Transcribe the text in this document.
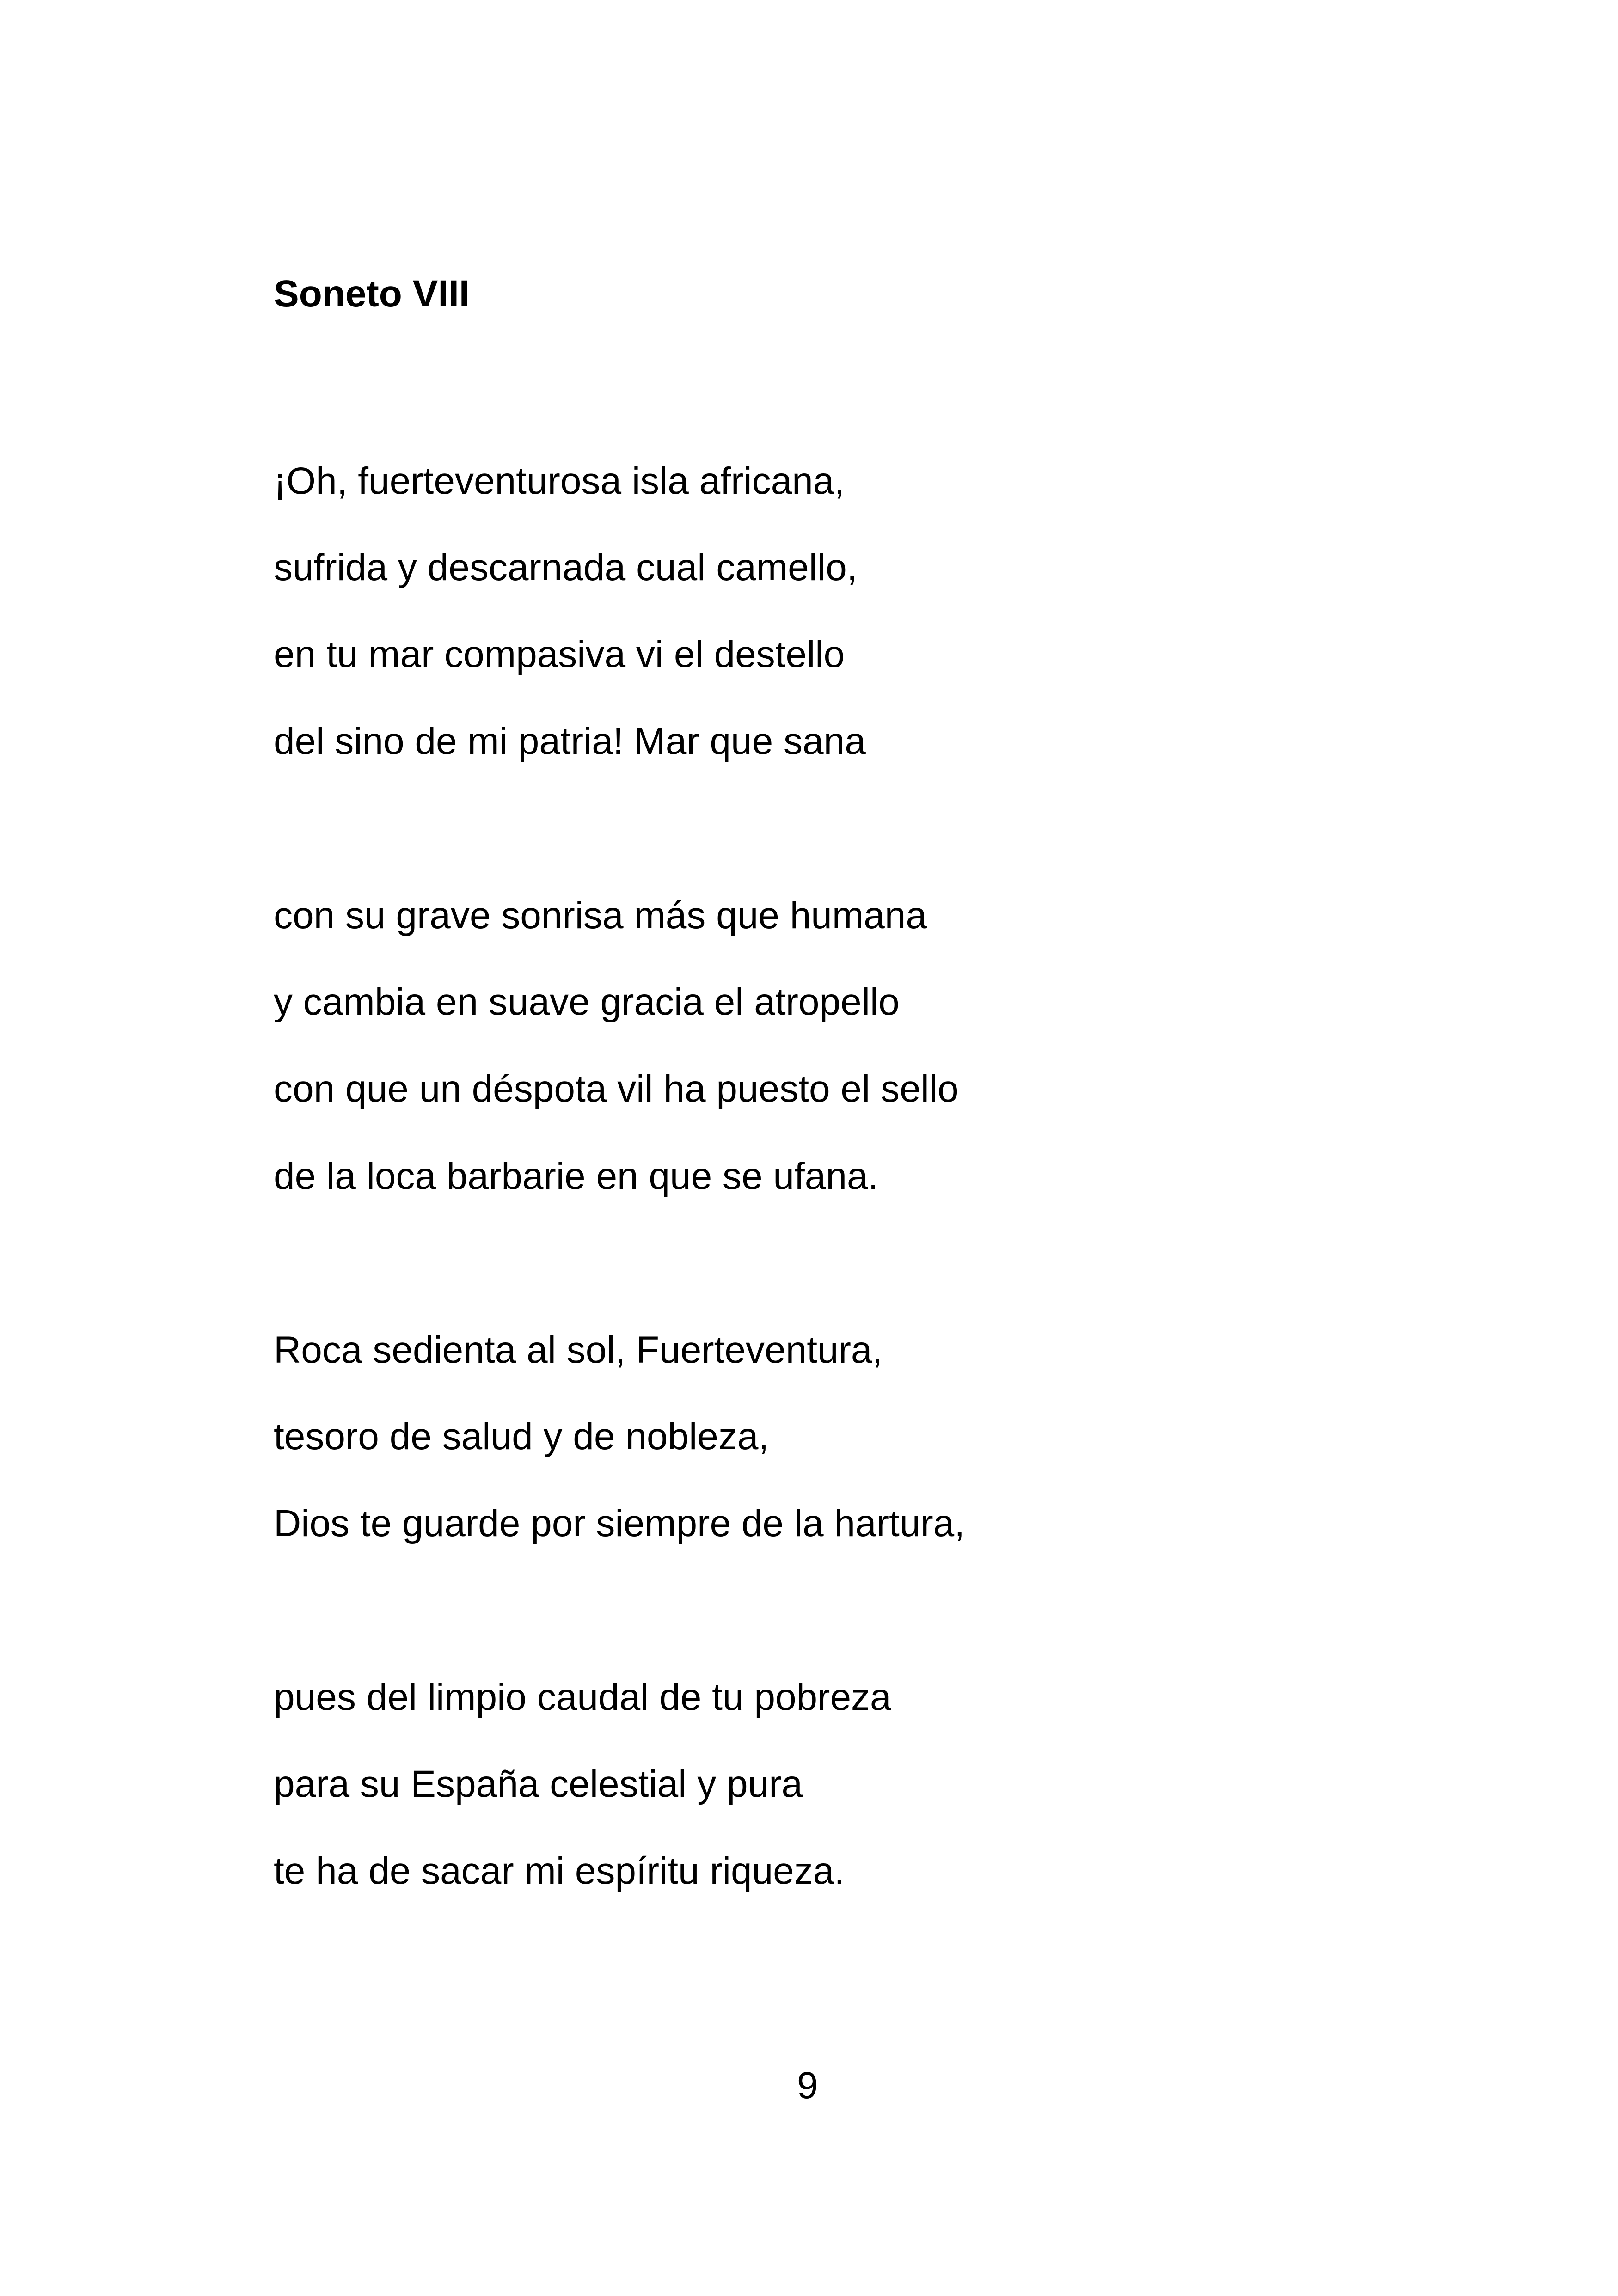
Soneto VIII
¡Oh, fuerteventurosa isla africana,
sufrida y descarnada cual camello,
en tu mar compasiva vi el destello
del sino de mi patria! Mar que sana
con su grave sonrisa más que humana
y cambia en suave gracia el atropello
con que un déspota vil ha puesto el sello
de la loca barbarie en que se ufana.
Roca sedienta al sol, Fuerteventura,
tesoro de salud y de nobleza,
Dios te guarde por siempre de la hartura,
pues del limpio caudal de tu pobreza
para su España celestial y pura
te ha de sacar mi espíritu riqueza.
9
